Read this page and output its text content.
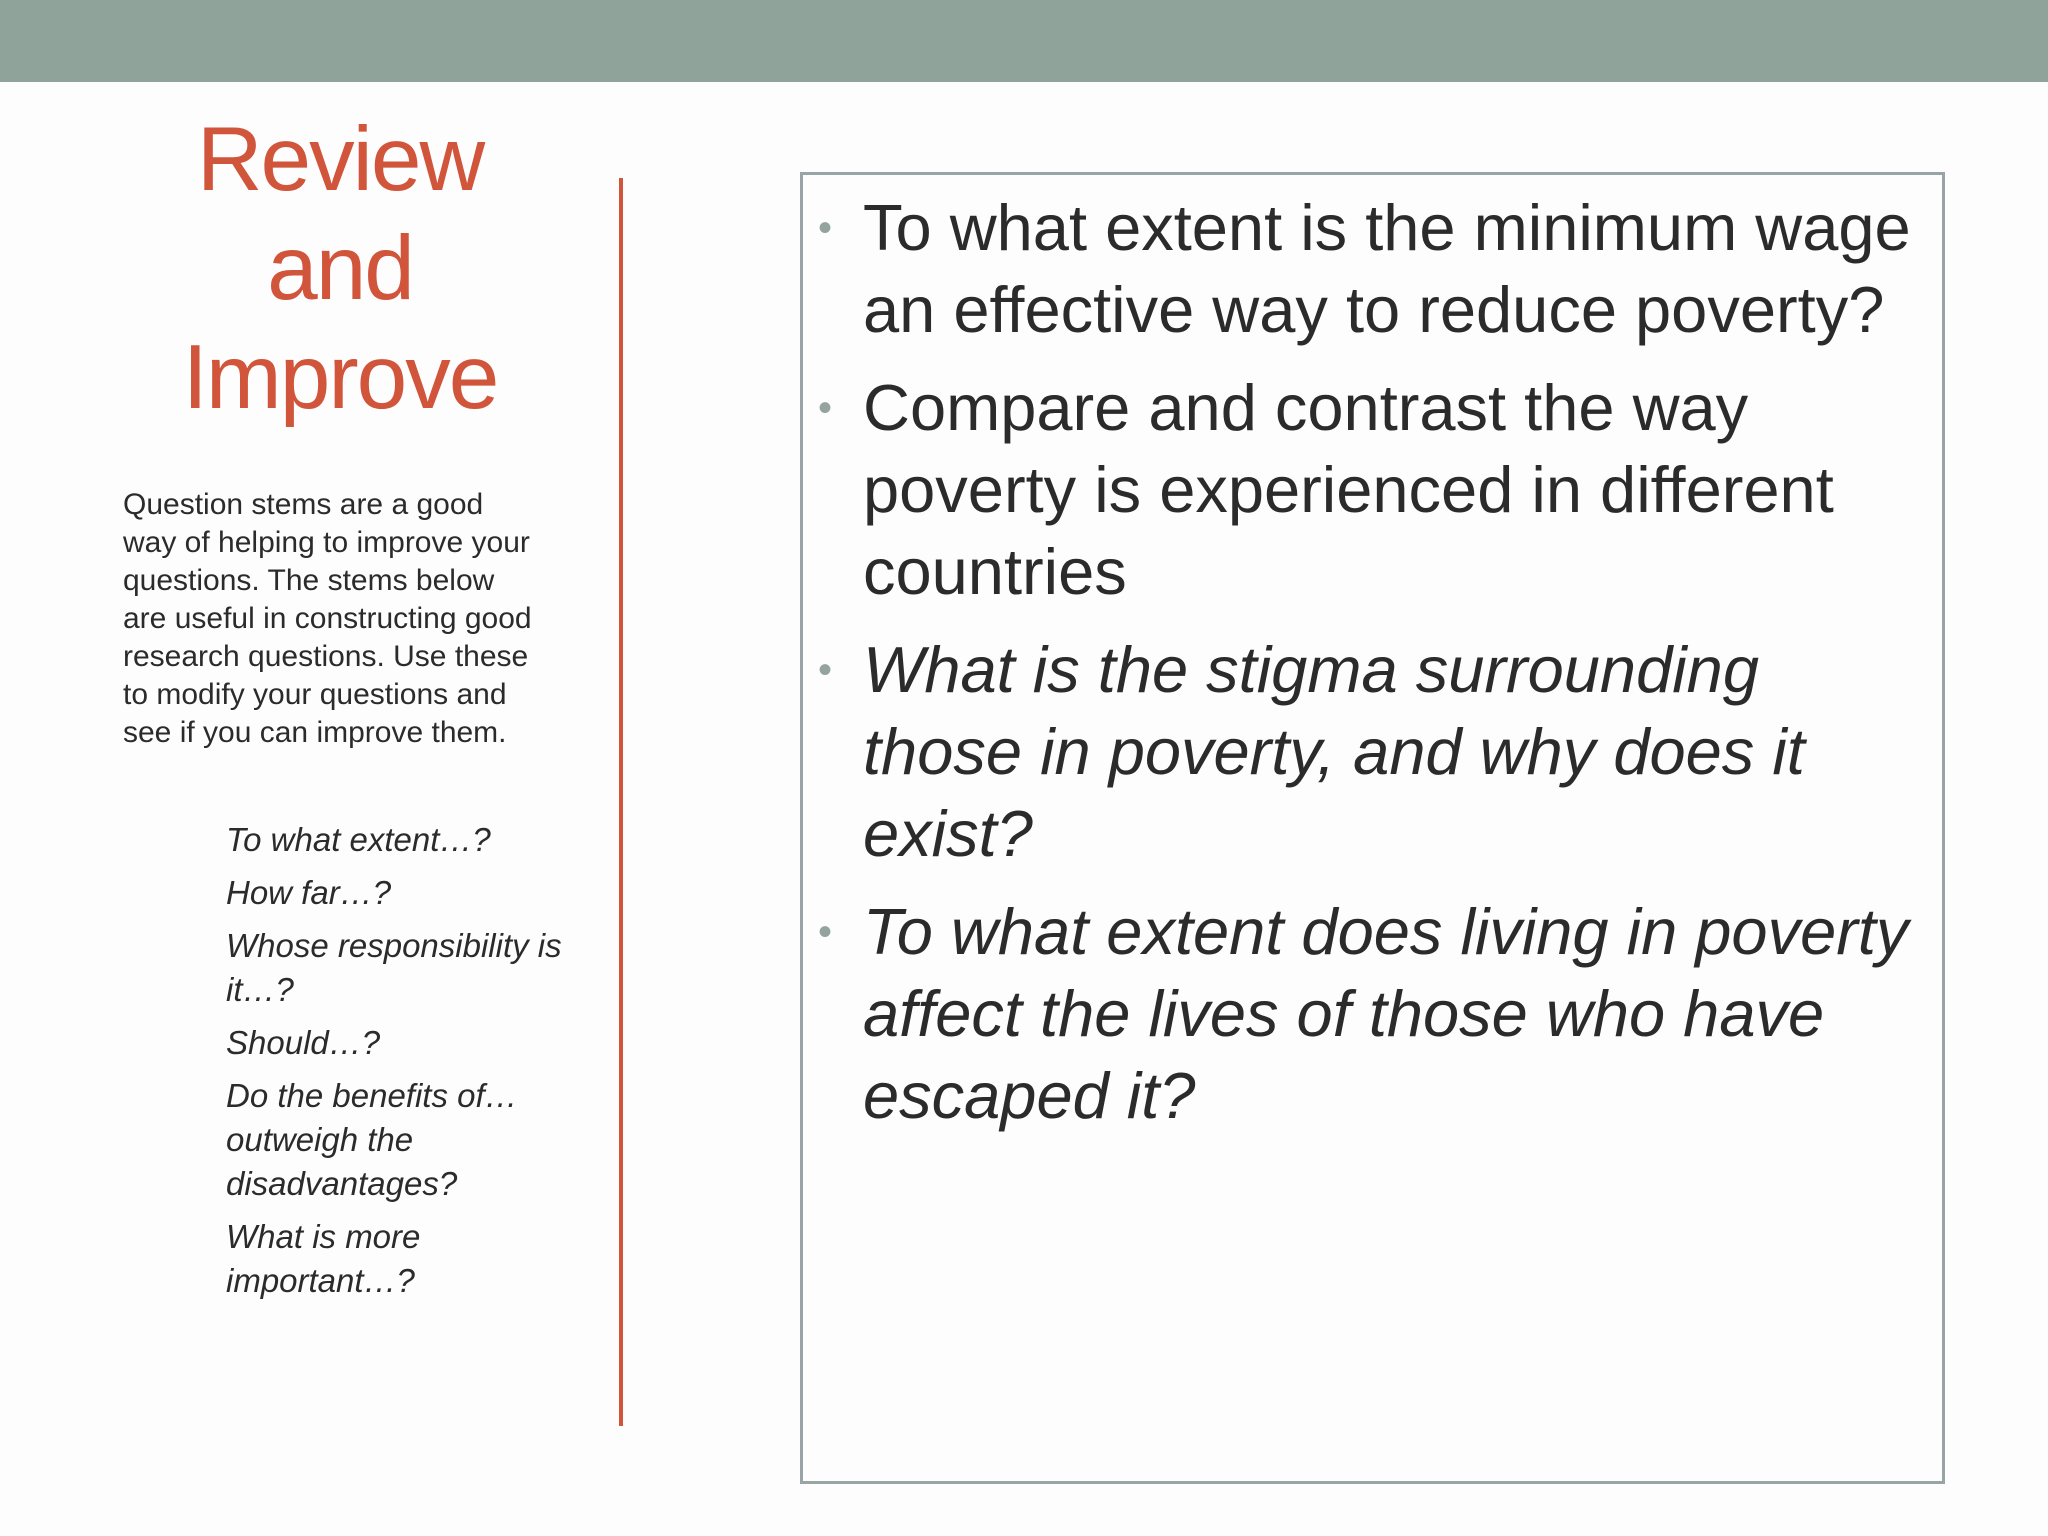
Review
and
Improve
Question stems are a good
way of helping to improve your
questions. The stems below
are useful in constructing good
research questions. Use these
to modify your questions and
see if you can improve them.
To what extent…?
How far…?
Whose responsibility is it…?
Should…?
Do the benefits of… outweigh the disadvantages?
What is more important…?
• To what extent is the minimum wage an effective way to reduce poverty?
• Compare and contrast the way poverty is experienced in different countries
• What is the stigma surrounding those in poverty, and why does it exist?
• To what extent does living in poverty affect the lives of those who have escaped it?
